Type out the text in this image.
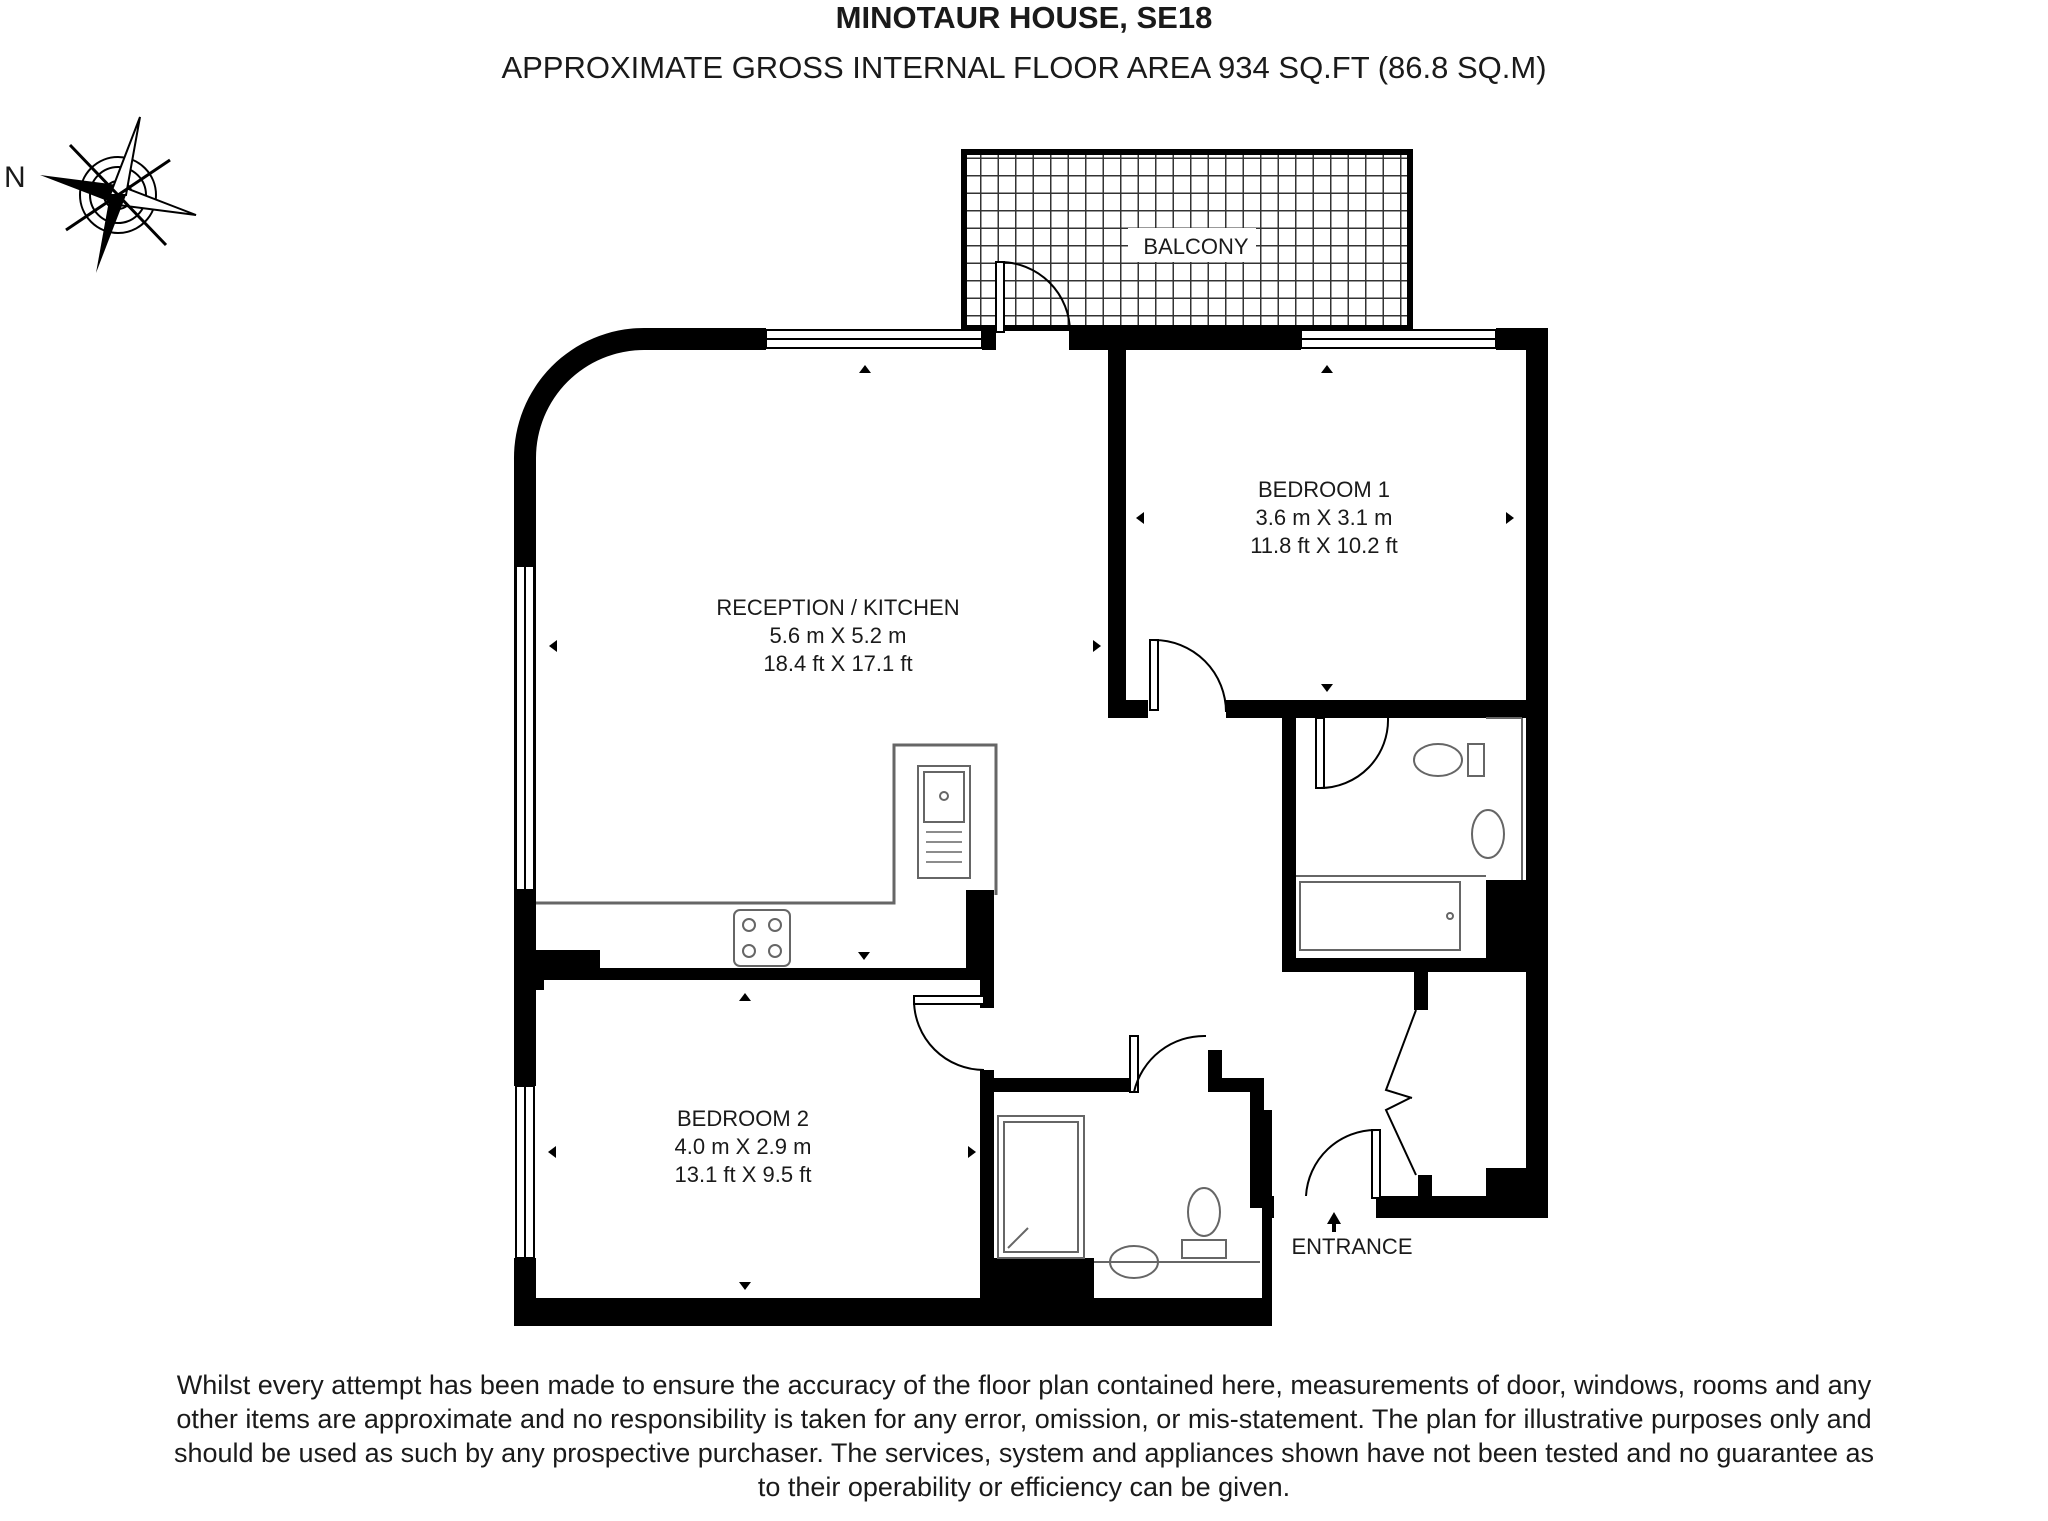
MINOTAUR HOUSE, SE18
APPROXIMATE GROSS INTERNAL FLOOR AREA 934 SQ.FT (86.8 SQ.M)
N
BALCONY
BEDROOM 1
3.6 m X 3.1 m
11.8 ft X 10.2 ft
RECEPTION / KITCHEN
5.6 m X 5.2 m
18.4 ft X 17.1 ft
BEDROOM 2
4.0 m X 2.9 m
13.1 ft X 9.5 ft
ENTRANCE
Whilst every attempt has been made to ensure the accuracy of the floor plan contained here, measurements of door, windows, rooms and any
other items are approximate and no responsibility is taken for any error, omission, or mis-statement. The plan for illustrative purposes only and
should be used as such by any prospective purchaser. The services, system and appliances shown have not been tested and no guarantee as
to their operability or efficiency can be given.
